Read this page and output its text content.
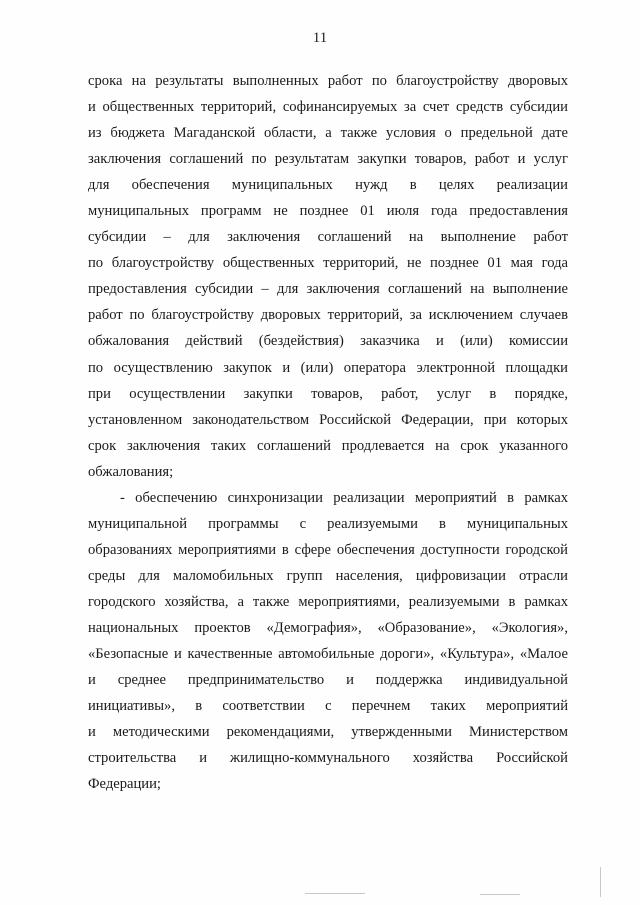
11
срока на результаты выполненных работ по благоустройству дворовых
и общественных территорий, софинансируемых за счет средств субсидии
из бюджета Магаданской области, а также условия о предельной дате
заключения соглашений по результатам закупки товаров, работ и услуг
для обеспечения муниципальных нужд в целях реализации
муниципальных программ не позднее 01 июля года предоставления
субсидии – для заключения соглашений на выполнение работ
по благоустройству общественных территорий, не позднее 01 мая года
предоставления субсидии – для заключения соглашений на выполнение
работ по благоустройству дворовых территорий, за исключением случаев
обжалования действий (бездействия) заказчика и (или) комиссии
по осуществлению закупок и (или) оператора электронной площадки
при осуществлении закупки товаров, работ, услуг в порядке,
установленном законодательством Российской Федерации, при которых
срок заключения таких соглашений продлевается на срок указанного
обжалования;
- обеспечению синхронизации реализации мероприятий в рамках
муниципальной программы с реализуемыми в муниципальных
образованиях мероприятиями в сфере обеспечения доступности городской
среды для маломобильных групп населения, цифровизации отрасли
городского хозяйства, а также мероприятиями, реализуемыми в рамках
национальных проектов «Демография», «Образование», «Экология»,
«Безопасные и качественные автомобильные дороги», «Культура», «Малое
и среднее предпринимательство и поддержка индивидуальной
инициативы», в соответствии с перечнем таких мероприятий
и методическими рекомендациями, утвержденными Министерством
строительства и жилищно-коммунального хозяйства Российской
Федерации;
